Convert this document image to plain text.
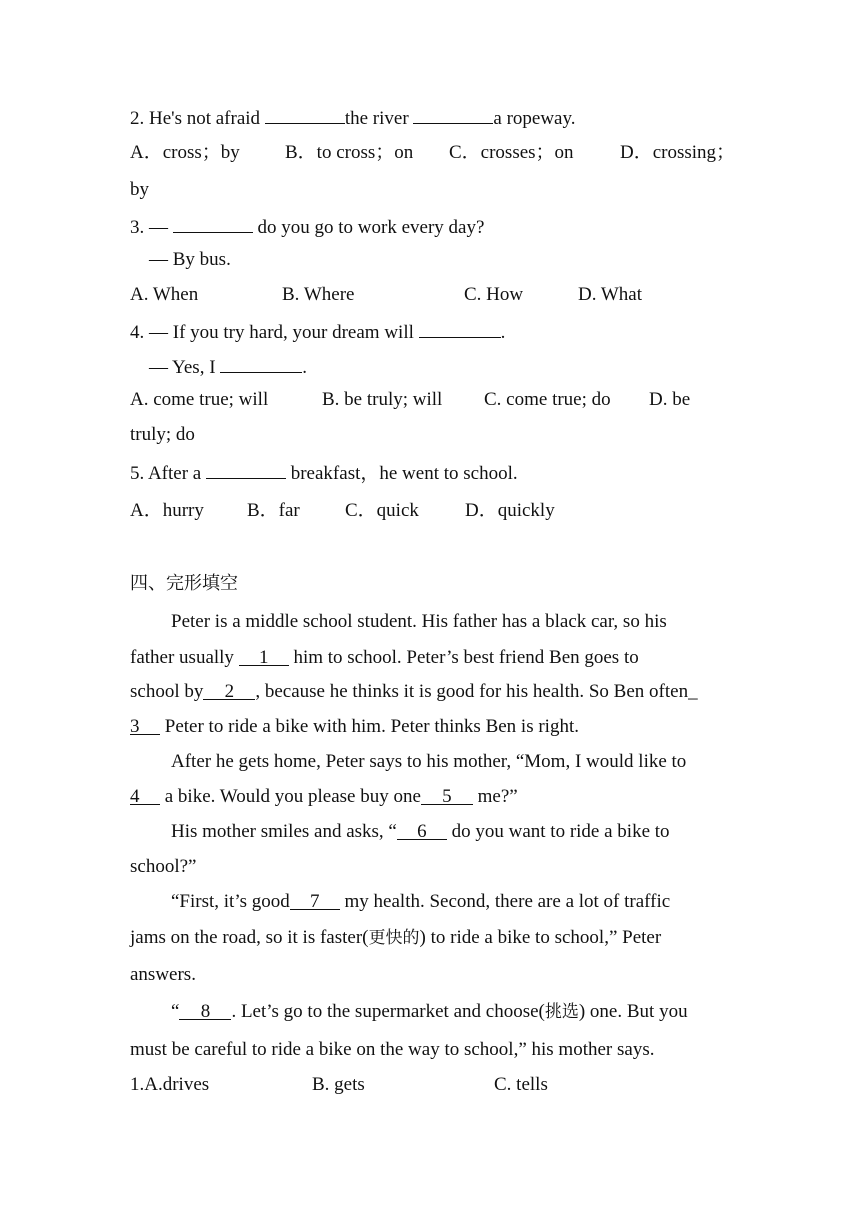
2. He's not afraid	the river	a ropeway.
A．cross；by B．to cross；on C．crosses；on D．crossing；
by
3. —	do you go to work every day?
— By bus.
A. When	B. Where	C. How	D. What
4. — If you try hard, your dream will	.
— Yes, I	.
A. come true; will	B. be truly; will C. come true; do D. be
truly; do
5. After a	breakfast，he went to school.
A．hurry B．far C．quick D．quickly
四、完形填空
Peter is a middle school student. His father has a black car, so his
father usually 1 him to school. Peter’s best friend Ben goes to
school by 2 , because he thinks it is good for his health. So Ben often_
3 Peter to ride a bike with him. Peter thinks Ben is right.
After he gets home, Peter says to his mother, “Mom, I would like to
4 a bike. Would you please buy one 5 me?”
His mother smiles and asks, “ 6 do you want to ride a bike to
school?”
“First, it’s good 7 my health. Second, there are a lot of traffic
jams on the road, so it is faster(更快的) to ride a bike to school,” Peter
answers.
“ 8 . Let’s go to the supermarket and choose(挑选) one. But you
must be careful to ride a bike on the way to school,” his mother says.
1.A.drives	B. gets	C. tells
